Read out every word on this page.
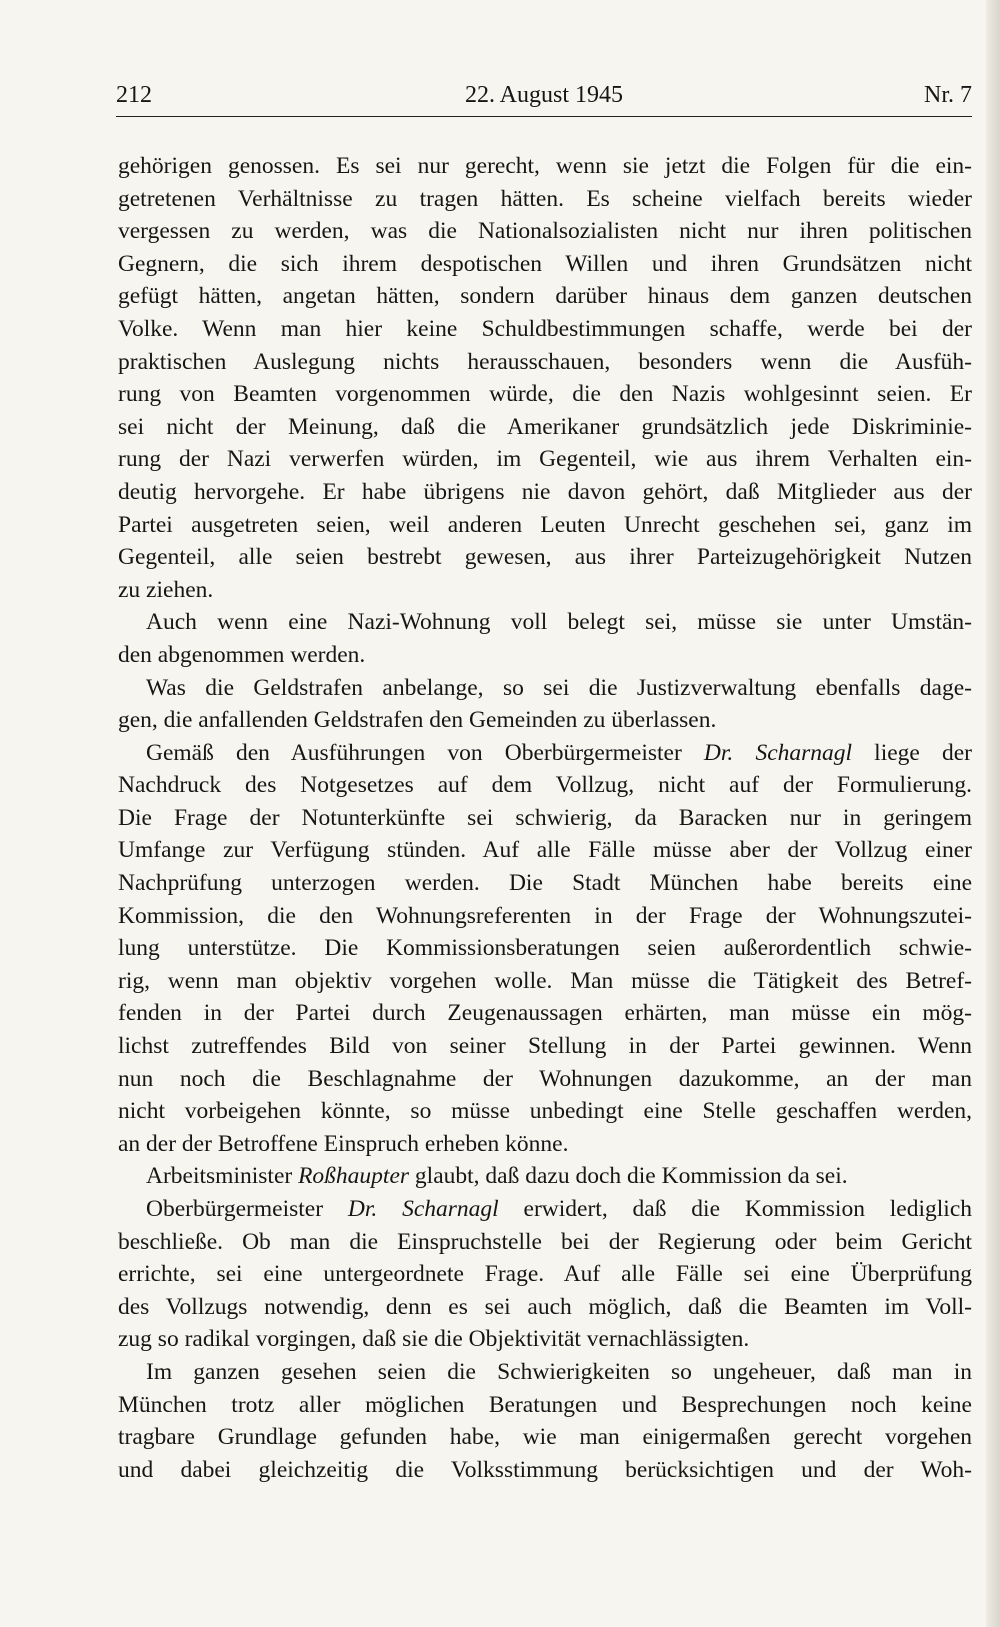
212	22. August 1945	Nr. 7
gehörigen genossen. Es sei nur gerecht, wenn sie jetzt die Folgen für die ein-
getretenen Verhältnisse zu tragen hätten. Es scheine vielfach bereits wieder
vergessen zu werden, was die Nationalsozialisten nicht nur ihren politischen
Gegnern, die sich ihrem despotischen Willen und ihren Grundsätzen nicht
gefügt hätten, angetan hätten, sondern darüber hinaus dem ganzen deutschen
Volke. Wenn man hier keine Schuldbestimmungen schaffe, werde bei der
praktischen Auslegung nichts herausschauen, besonders wenn die Ausfüh-
rung von Beamten vorgenommen würde, die den Nazis wohlgesinnt seien. Er
sei nicht der Meinung, daß die Amerikaner grundsätzlich jede Diskriminie-
rung der Nazi verwerfen würden, im Gegenteil, wie aus ihrem Verhalten ein-
deutig hervorgehe. Er habe übrigens nie davon gehört, daß Mitglieder aus der
Partei ausgetreten seien, weil anderen Leuten Unrecht geschehen sei, ganz im
Gegenteil, alle seien bestrebt gewesen, aus ihrer Parteizugehörigkeit Nutzen
zu ziehen.
Auch wenn eine Nazi-Wohnung voll belegt sei, müsse sie unter Umstän-
den abgenommen werden.
Was die Geldstrafen anbelange, so sei die Justizverwaltung ebenfalls dage-
gen, die anfallenden Geldstrafen den Gemeinden zu überlassen.
Gemäß den Ausführungen von Oberbürgermeister Dr. Scharnagl liege der
Nachdruck des Notgesetzes auf dem Vollzug, nicht auf der Formulierung.
Die Frage der Notunterkünfte sei schwierig, da Baracken nur in geringem
Umfange zur Verfügung stünden. Auf alle Fälle müsse aber der Vollzug einer
Nachprüfung unterzogen werden. Die Stadt München habe bereits eine
Kommission, die den Wohnungsreferenten in der Frage der Wohnungszutei-
lung unterstütze. Die Kommissionsberatungen seien außerordentlich schwie-
rig, wenn man objektiv vorgehen wolle. Man müsse die Tätigkeit des Betref-
fenden in der Partei durch Zeugenaussagen erhärten, man müsse ein mög-
lichst zutreffendes Bild von seiner Stellung in der Partei gewinnen. Wenn
nun noch die Beschlagnahme der Wohnungen dazukomme, an der man
nicht vorbeigehen könnte, so müsse unbedingt eine Stelle geschaffen werden,
an der der Betroffene Einspruch erheben könne.
Arbeitsminister Roßhaupter glaubt, daß dazu doch die Kommission da sei.
Oberbürgermeister Dr. Scharnagl erwidert, daß die Kommission lediglich
beschließe. Ob man die Einspruchstelle bei der Regierung oder beim Gericht
errichte, sei eine untergeordnete Frage. Auf alle Fälle sei eine Überprüfung
des Vollzugs notwendig, denn es sei auch möglich, daß die Beamten im Voll-
zug so radikal vorgingen, daß sie die Objektivität vernachlässigten.
Im ganzen gesehen seien die Schwierigkeiten so ungeheuer, daß man in
München trotz aller möglichen Beratungen und Besprechungen noch keine
tragbare Grundlage gefunden habe, wie man einigermaßen gerecht vorgehen
und dabei gleichzeitig die Volksstimmung berücksichtigen und der Woh-
